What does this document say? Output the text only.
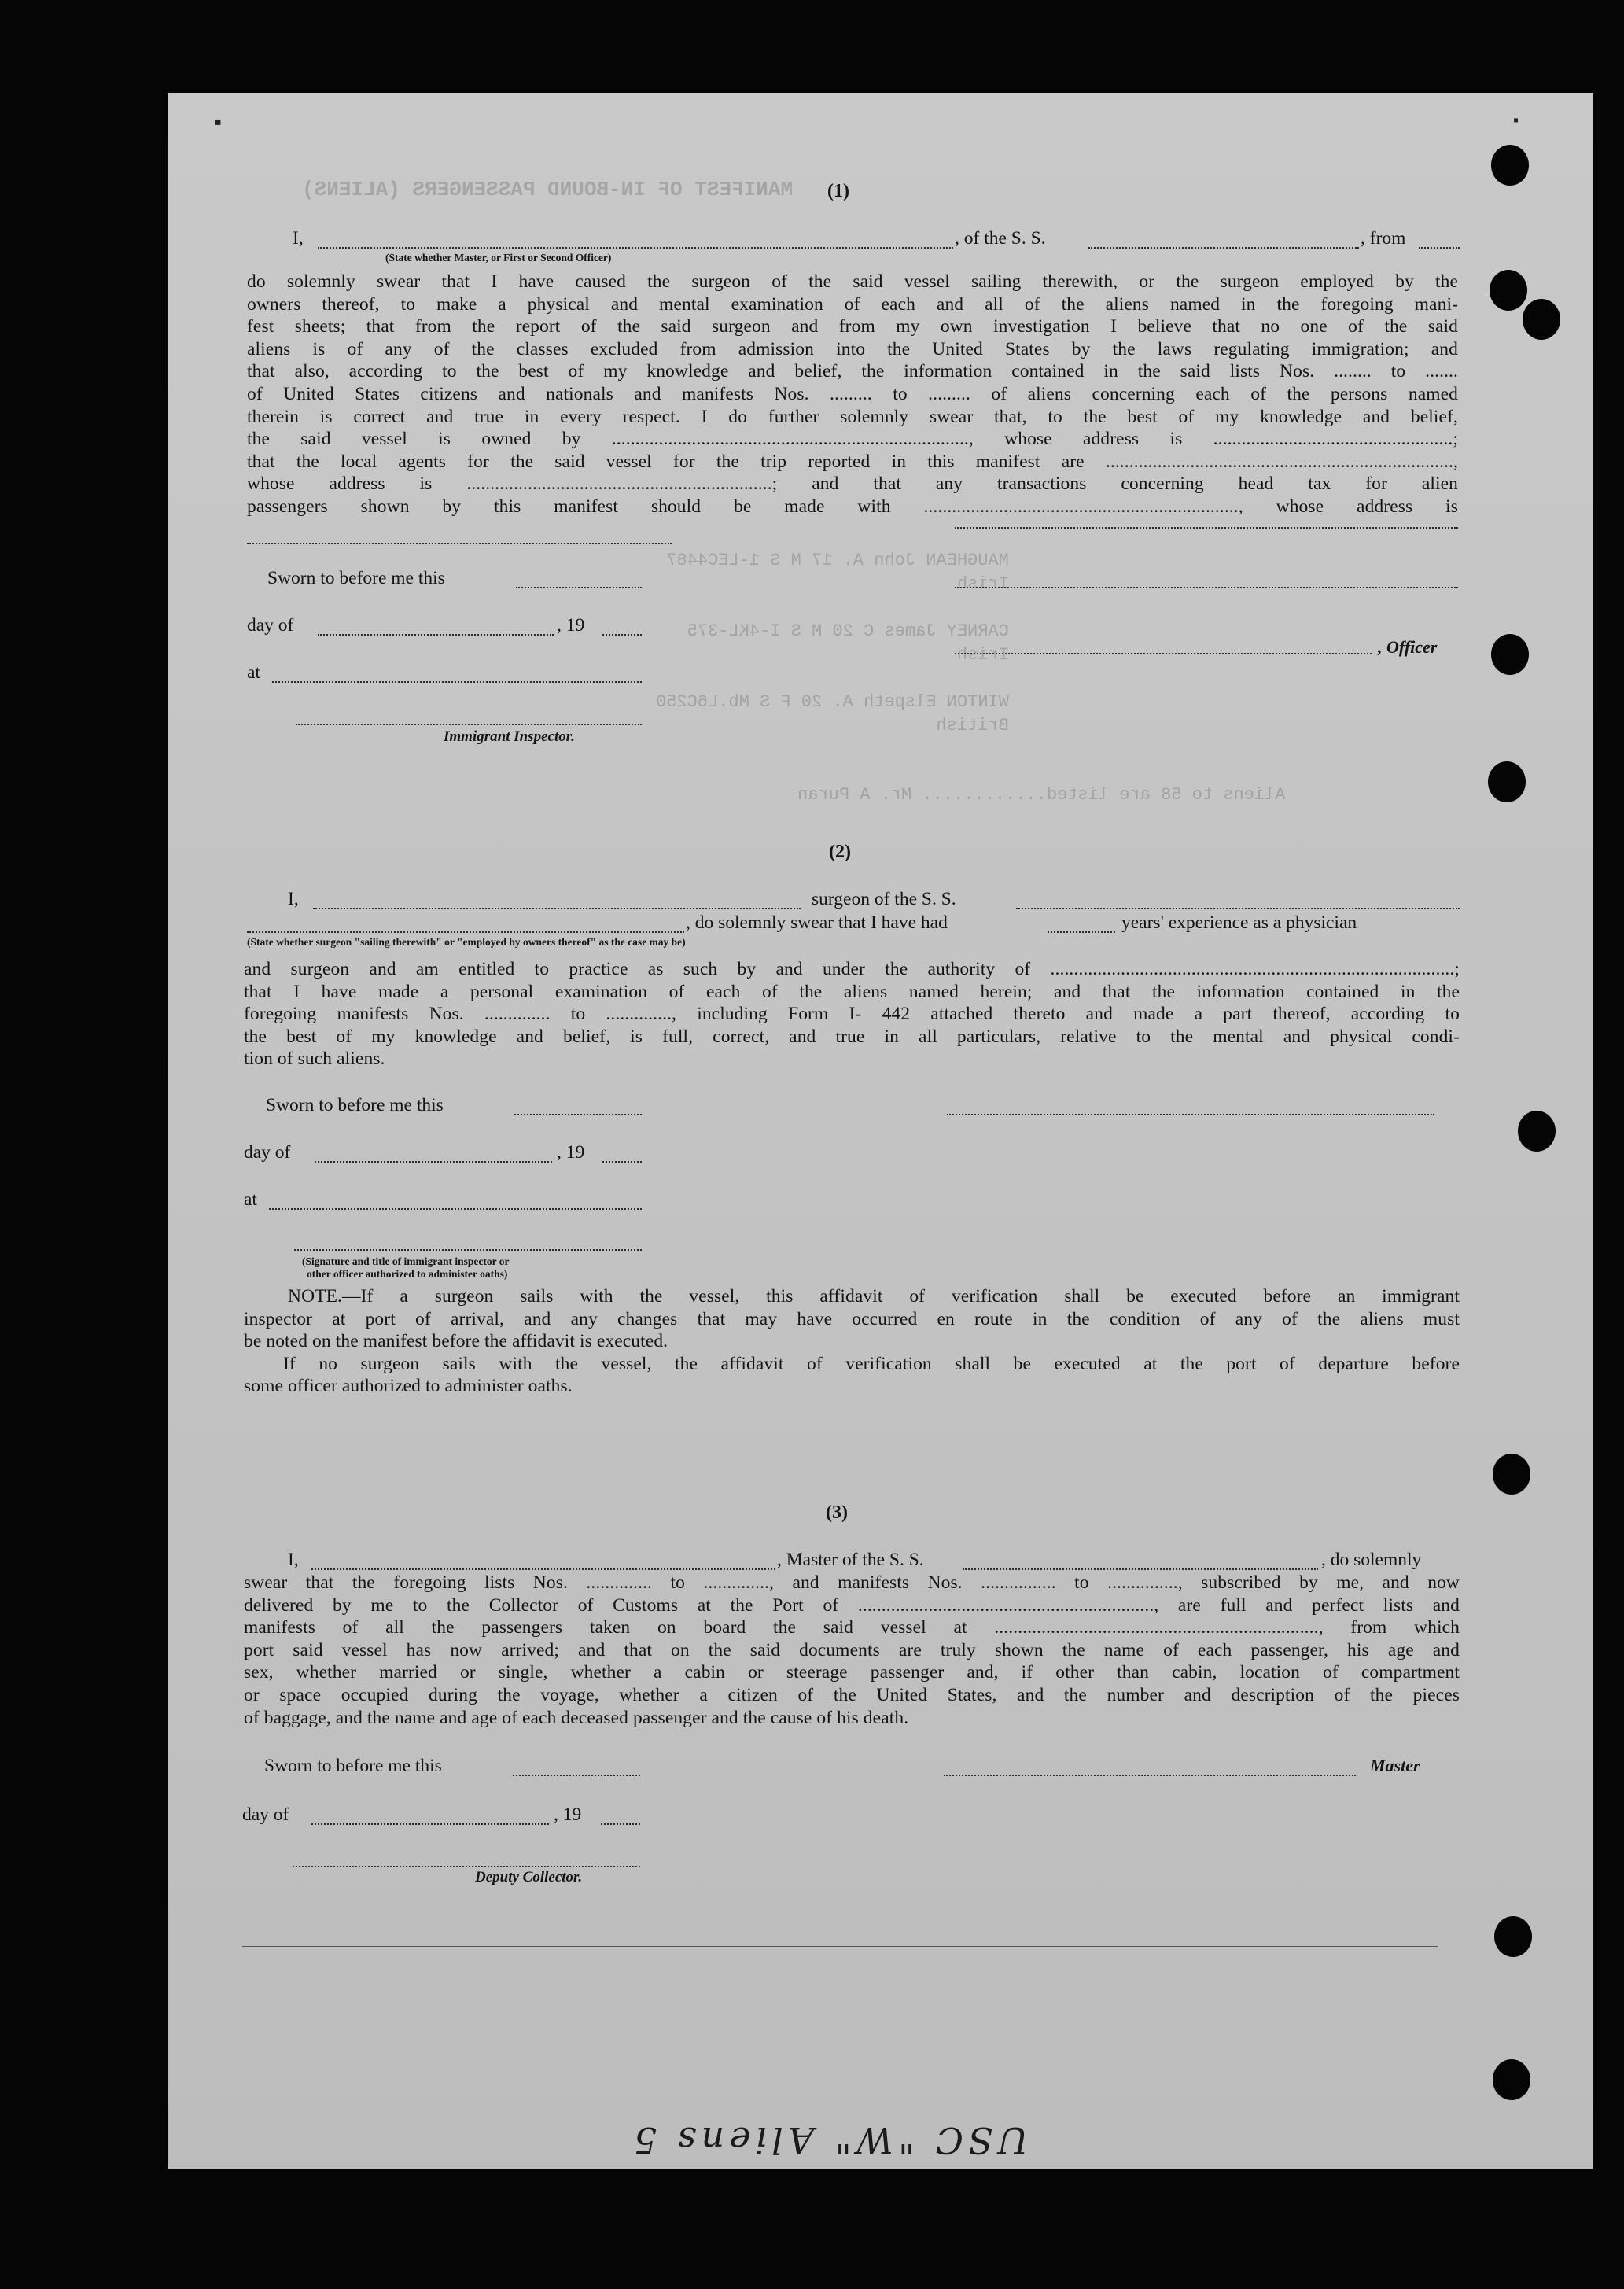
MANIFEST OF IN-BOUND PASSENGERS (ALIENS)
MAUGHEAN John A. 17 M S 1-LEC4487
Irish

CARNEY James C 20 M S I-4KL-375
Irish

WINTON Elspeth A. 20 F S Mb.L6C250
British
Aliens to 58 are listed............ Mr. A Puran
▪	▪
(1)
I,	, of the S. S.	, from
(State whether Master, or First or Second Officer)
do solemnly swear that I have caused the surgeon of the said vessel sailing therewith, or the surgeon employed by the
owners thereof, to make a physical and mental examination of each and all of the aliens named in the foregoing mani-
fest sheets; that from the report of the said surgeon and from my own investigation I believe that no one of the said
aliens is of any of the classes excluded from admission into the United States by the laws regulating immigration; and
that also, according to the best of my knowledge and belief, the information contained in the said lists Nos. ........ to .......
of United States citizens and nationals and manifests Nos. ......... to ......... of aliens concerning each of the persons named
therein is correct and true in every respect. I do further solemnly swear that, to the best of my knowledge and belief,
the said vessel is owned by ............................................................................, whose address is ...................................................;
that the local agents for the said vessel for the trip reported in this manifest are ..........................................................................,
whose address is .................................................................; and that any transactions concerning head tax for alien
passengers shown by this manifest should be made with ..................................................................., whose address is
Sworn to before me this
day of	, 19
at
, Officer
Immigrant Inspector.
(2)
I,	surgeon of the S. S.
, do solemnly swear that I have had	years' experience as a physician
(State whether surgeon "sailing therewith" or "employed by owners thereof" as the case may be)
and surgeon and am entitled to practice as such by and under the authority of ......................................................................................;
that I have made a personal examination of each of the aliens named herein; and that the information contained in the
foregoing manifests Nos. .............. to .............., including Form I- 442 attached thereto and made a part thereof, according to
the best of my knowledge and belief, is full, correct, and true in all particulars, relative to the mental and physical condi-
tion of such aliens.
Sworn to before me this
day of	, 19
at
(Signature and title of immigrant inspector or
other officer authorized to administer oaths)
NOTE.—If a surgeon sails with the vessel, this affidavit of verification shall be executed before an immigrant
inspector at port of arrival, and any changes that may have occurred en route in the condition of any of the aliens must
be noted on the manifest before the affidavit is executed.
If no surgeon sails with the vessel, the affidavit of verification shall be executed at the port of departure before
some officer authorized to administer oaths.
(3)
I,	, Master of the S. S.	, do solemnly
swear that the foregoing lists Nos. .............. to .............., and manifests Nos. ................ to ..............., subscribed by me, and now
delivered by me to the Collector of Customs at the Port of ..............................................................., are full and perfect lists and
manifests of all the passengers taken on board the said vessel at ....................................................................., from which
port said vessel has now arrived; and that on the said documents are truly shown the name of each passenger, his age and
sex, whether married or single, whether a cabin or steerage passenger and, if other than cabin, location of compartment
or space occupied during the voyage, whether a citizen of the United States, and the number and description of the pieces
of baggage, and the name and age of each deceased passenger and the cause of his death.
Sworn to before me this	Master
day of	, 19
Deputy Collector.
USC "W" Aliens 5
